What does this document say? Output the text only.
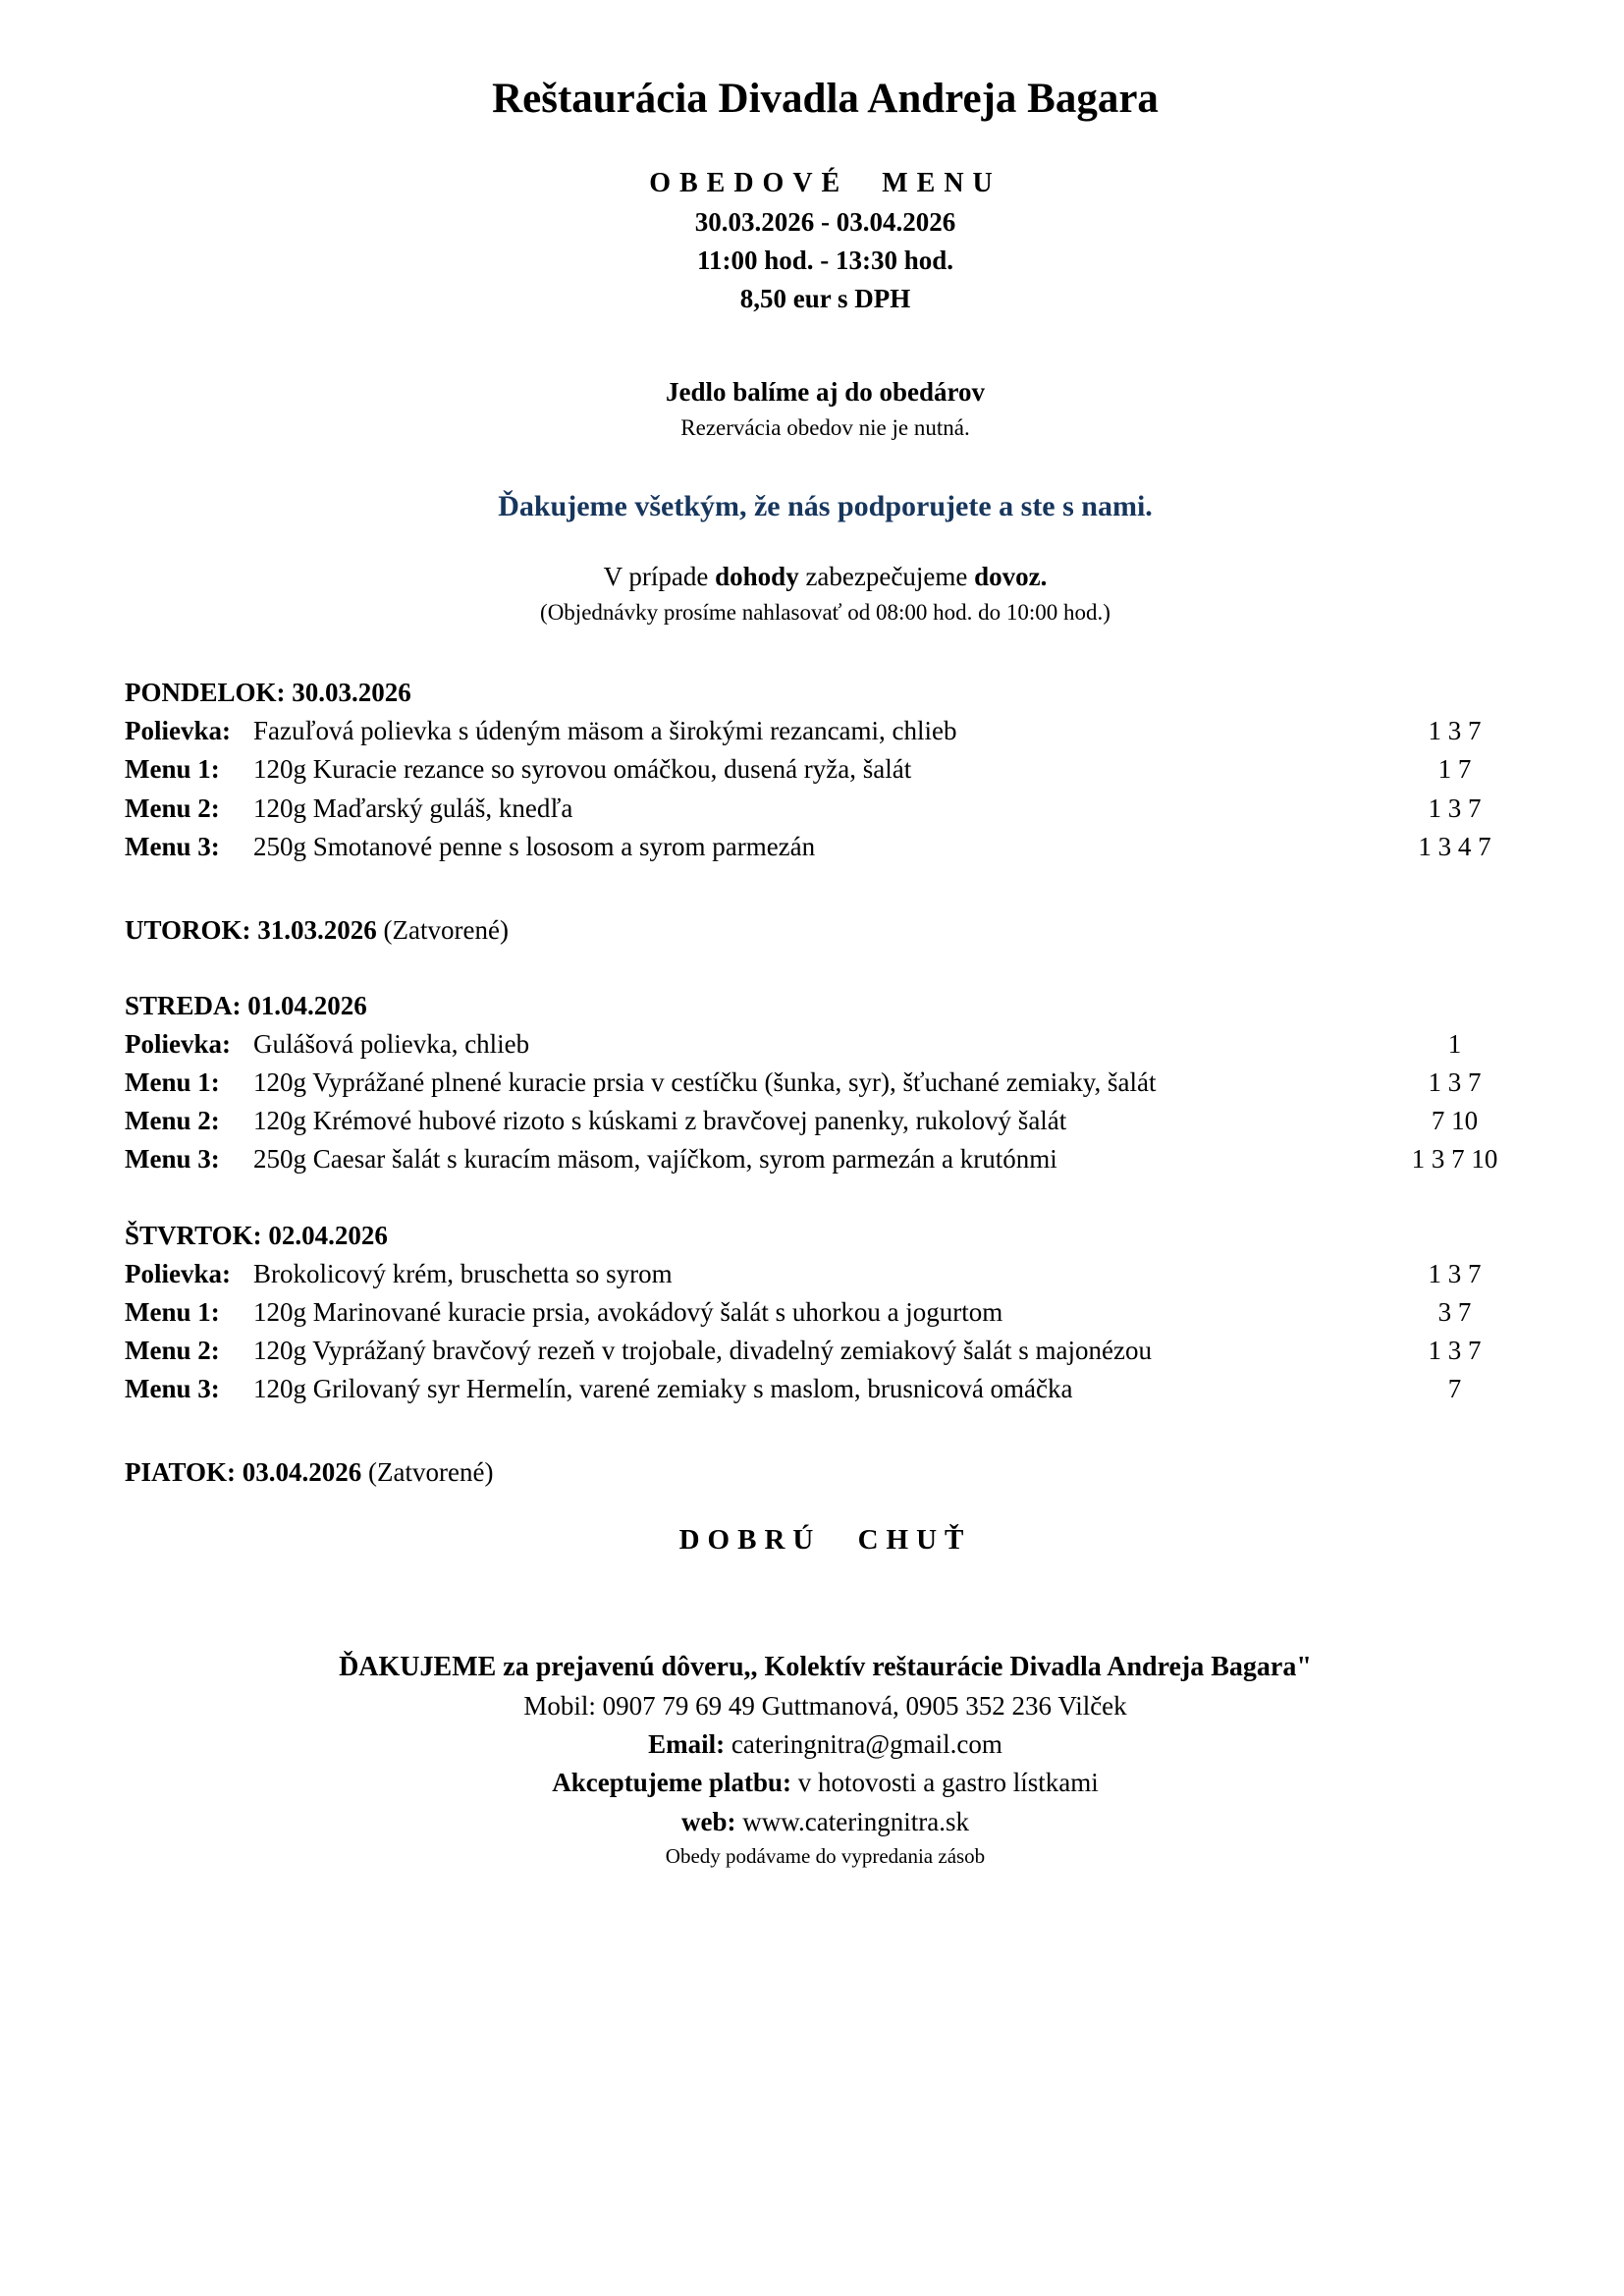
Reštaurácia Divadla Andreja Bagara
OBEDOVÉ MENU
30.03.2026 - 03.04.2026
11:00 hod. - 13:30 hod.
8,50 eur s DPH
Jedlo balíme aj do obedárov
Rezervácia obedov nie je nutná.
Ďakujeme všetkým, že nás podporujete a ste s nami.
V prípade dohody zabezpečujeme dovoz.
(Objednávky prosíme nahlasovať od 08:00 hod. do 10:00 hod.)
PONDELOK: 30.03.2026
Polievka: Fazuľová polievka s údeným mäsom a širokými rezancami, chlieb	1 3 7
Menu 1:	120g Kuracie rezance so syrovou omáčkou, dusená ryža, šalát	1 7
Menu 2:	120g Maďarský guláš, knedľa	1 3 7
Menu 3:	250g Smotanové penne s lososom a syrom parmezán	1 3 4 7
UTOROK: 31.03.2026 (Zatvorené)
STREDA: 01.04.2026
Polievka: Gulášová polievka, chlieb	1
Menu 1:	120g Vyprážané plnené kuracie prsia v cestíčku (šunka, syr), šťuchané zemiaky, šalát	1 3 7
Menu 2:	120g Krémové hubové rizoto s kúskami z bravčovej panenky, rukolový šalát	7 10
Menu 3:	250g Caesar šalát s kuracím mäsom, vajíčkom, syrom parmezán a krutónmi	1 3 7 10
ŠTVRTOK: 02.04.2026
Polievka: Brokolicový krém, bruschetta so syrom	1 3 7
Menu 1:	120g Marinované kuracie prsia, avokádový šalát s uhorkou a jogurtom	3 7
Menu 2:	120g Vyprážaný bravčový rezeň v trojobale, divadelný zemiakový šalát s majonézou	1 3 7
Menu 3:	120g Grilovaný syr Hermelín, varené zemiaky s maslom, brusnicová omáčka	7
PIATOK: 03.04.2026 (Zatvorené)
DOBRÚ CHUŤ
ĎAKUJEME za prejavenú dôveru,, Kolektív reštaurácie Divadla Andreja Bagara"
Mobil: 0907 79 69 49 Guttmanová, 0905 352 236 Vilček
Email: cateringnitra@gmail.com
Akceptujeme platbu: v hotovosti a gastro lístkami
web: www.cateringnitra.sk
Obedy podávame do vypredania zásob
